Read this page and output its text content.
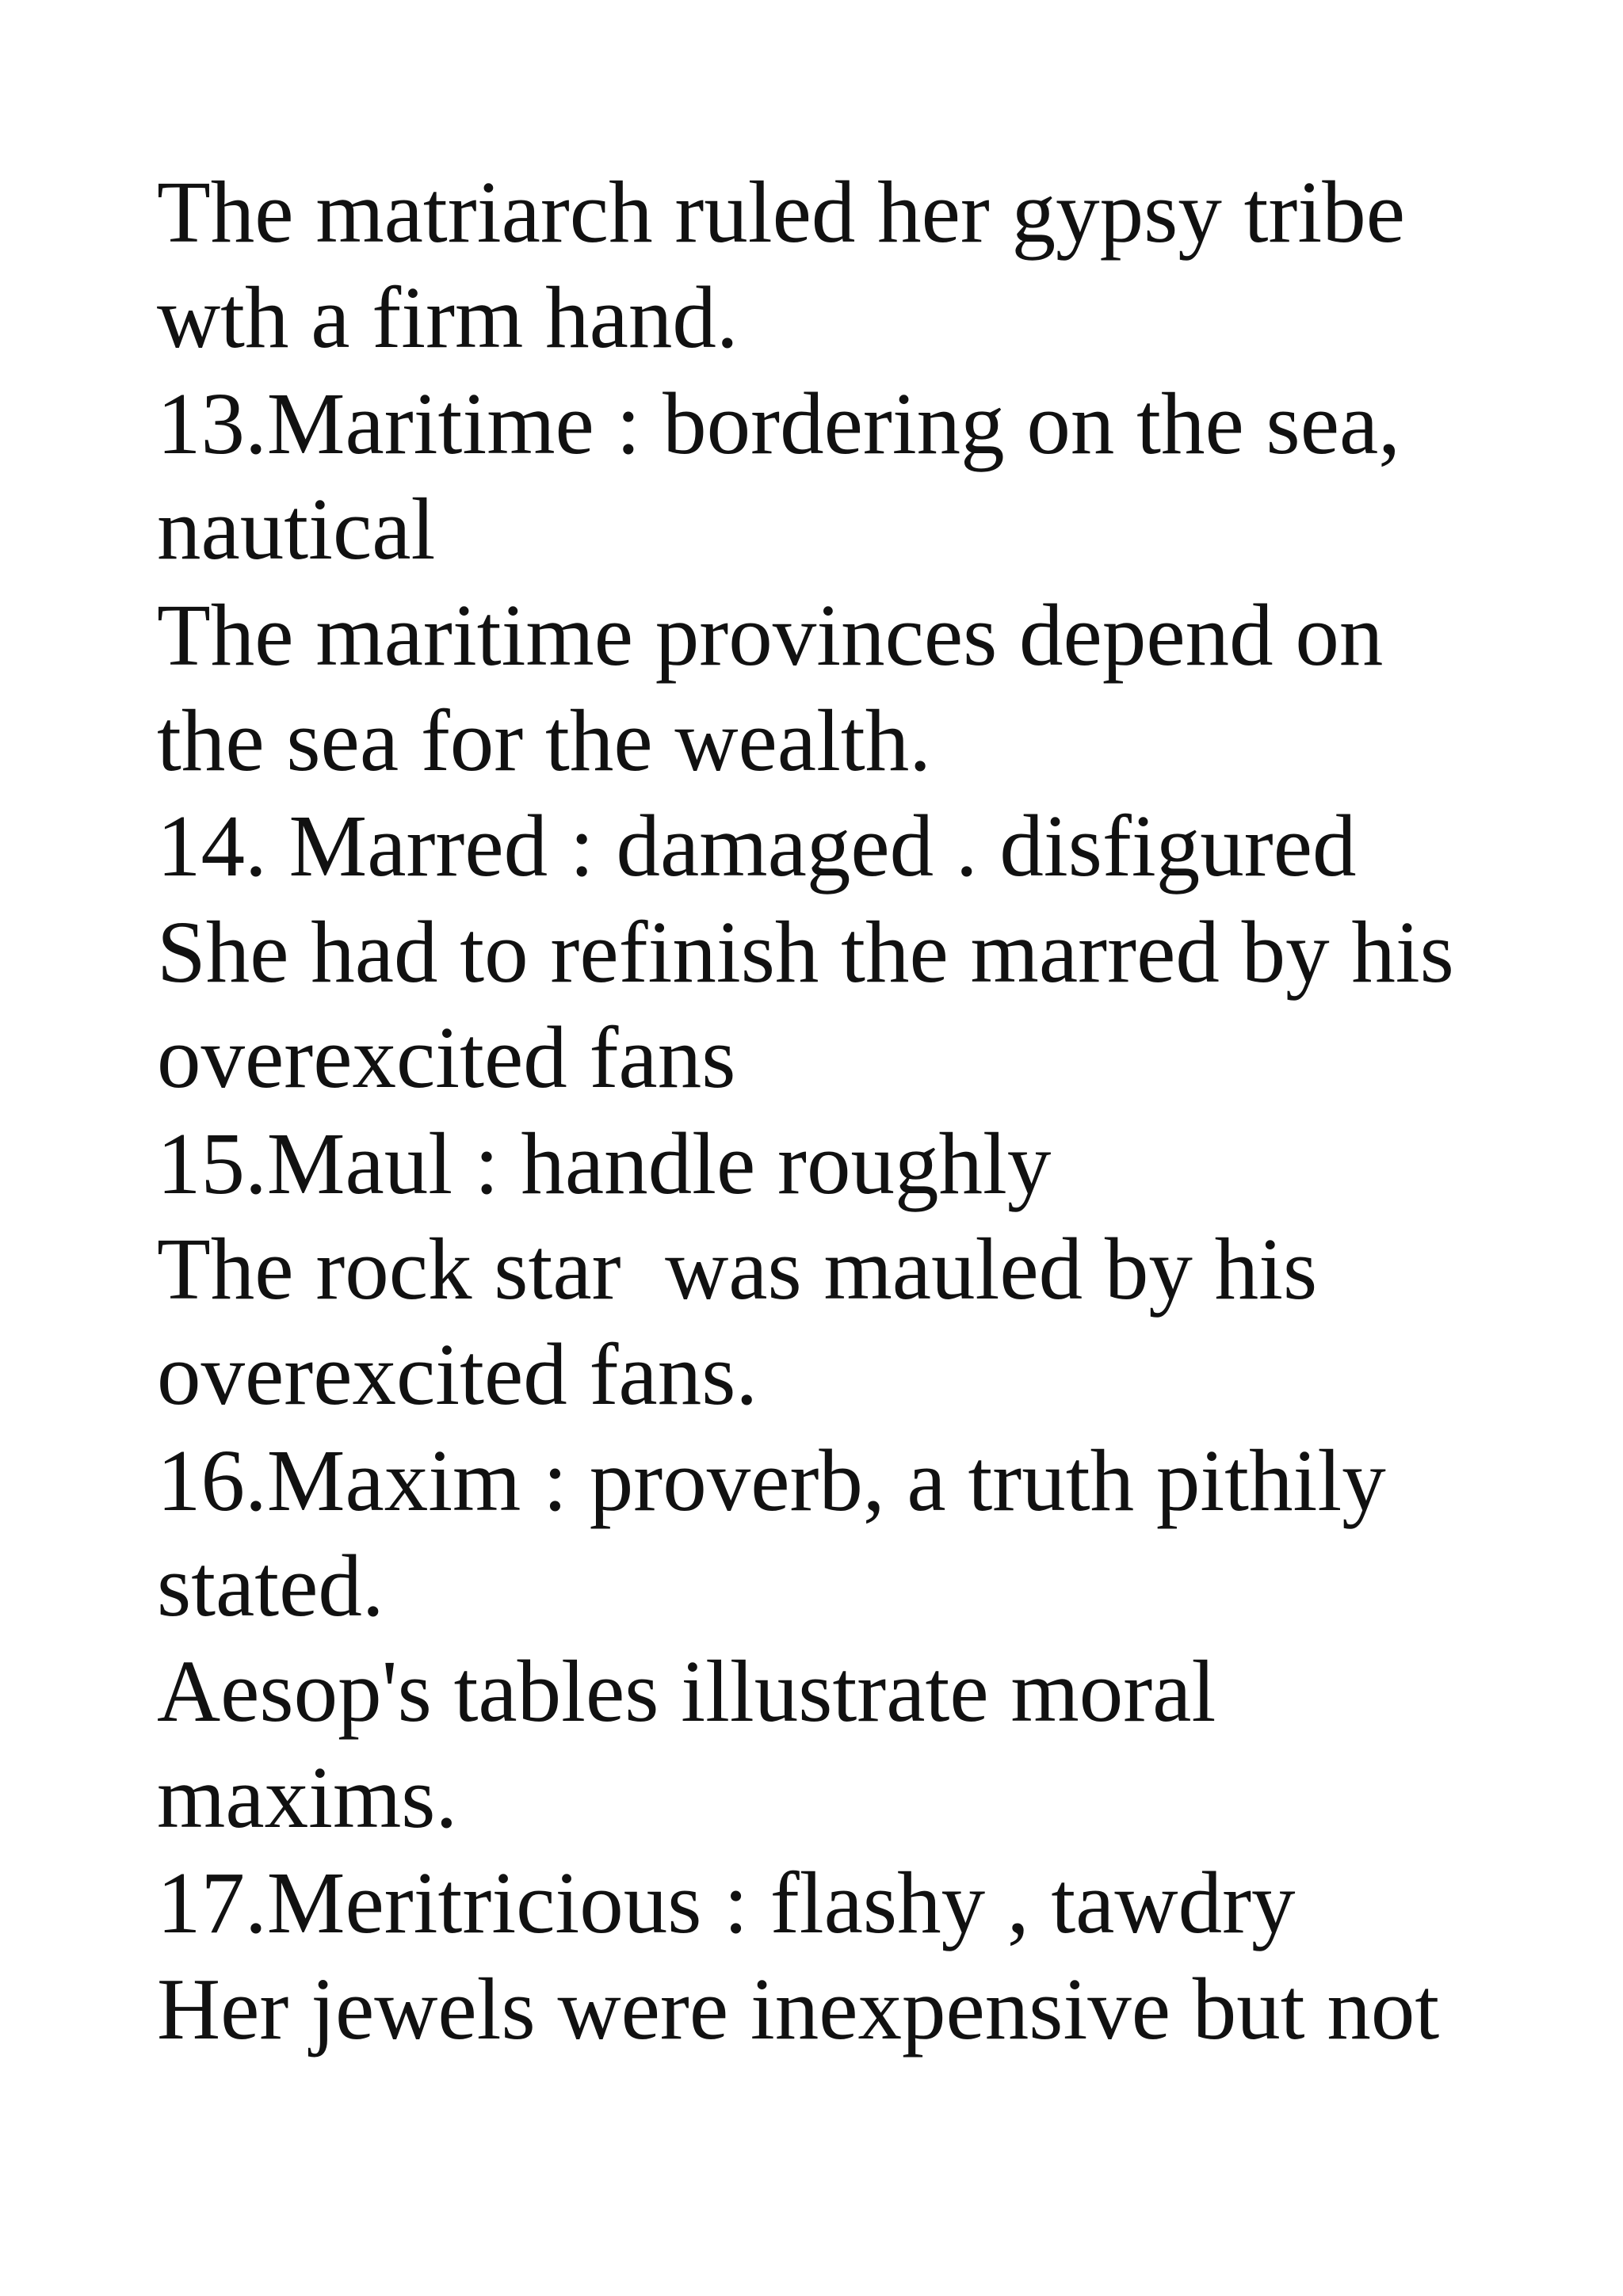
The matriarch ruled her gypsy tribe

wth a firm hand.

13.Maritime : bordering on the sea,

nautical

The maritime provinces depend on

the sea for the wealth.

14. Marred : damaged . disfigured

She had to refinish the marred by his

overexcited fans

15.Maul : handle roughly

The rock star  was mauled by his

overexcited fans.

16.Maxim : proverb, a truth pithily

stated.

Aesop's tables illustrate moral

maxims.

17.Meritricious : flashy , tawdry

Her jewels were inexpensive but not
